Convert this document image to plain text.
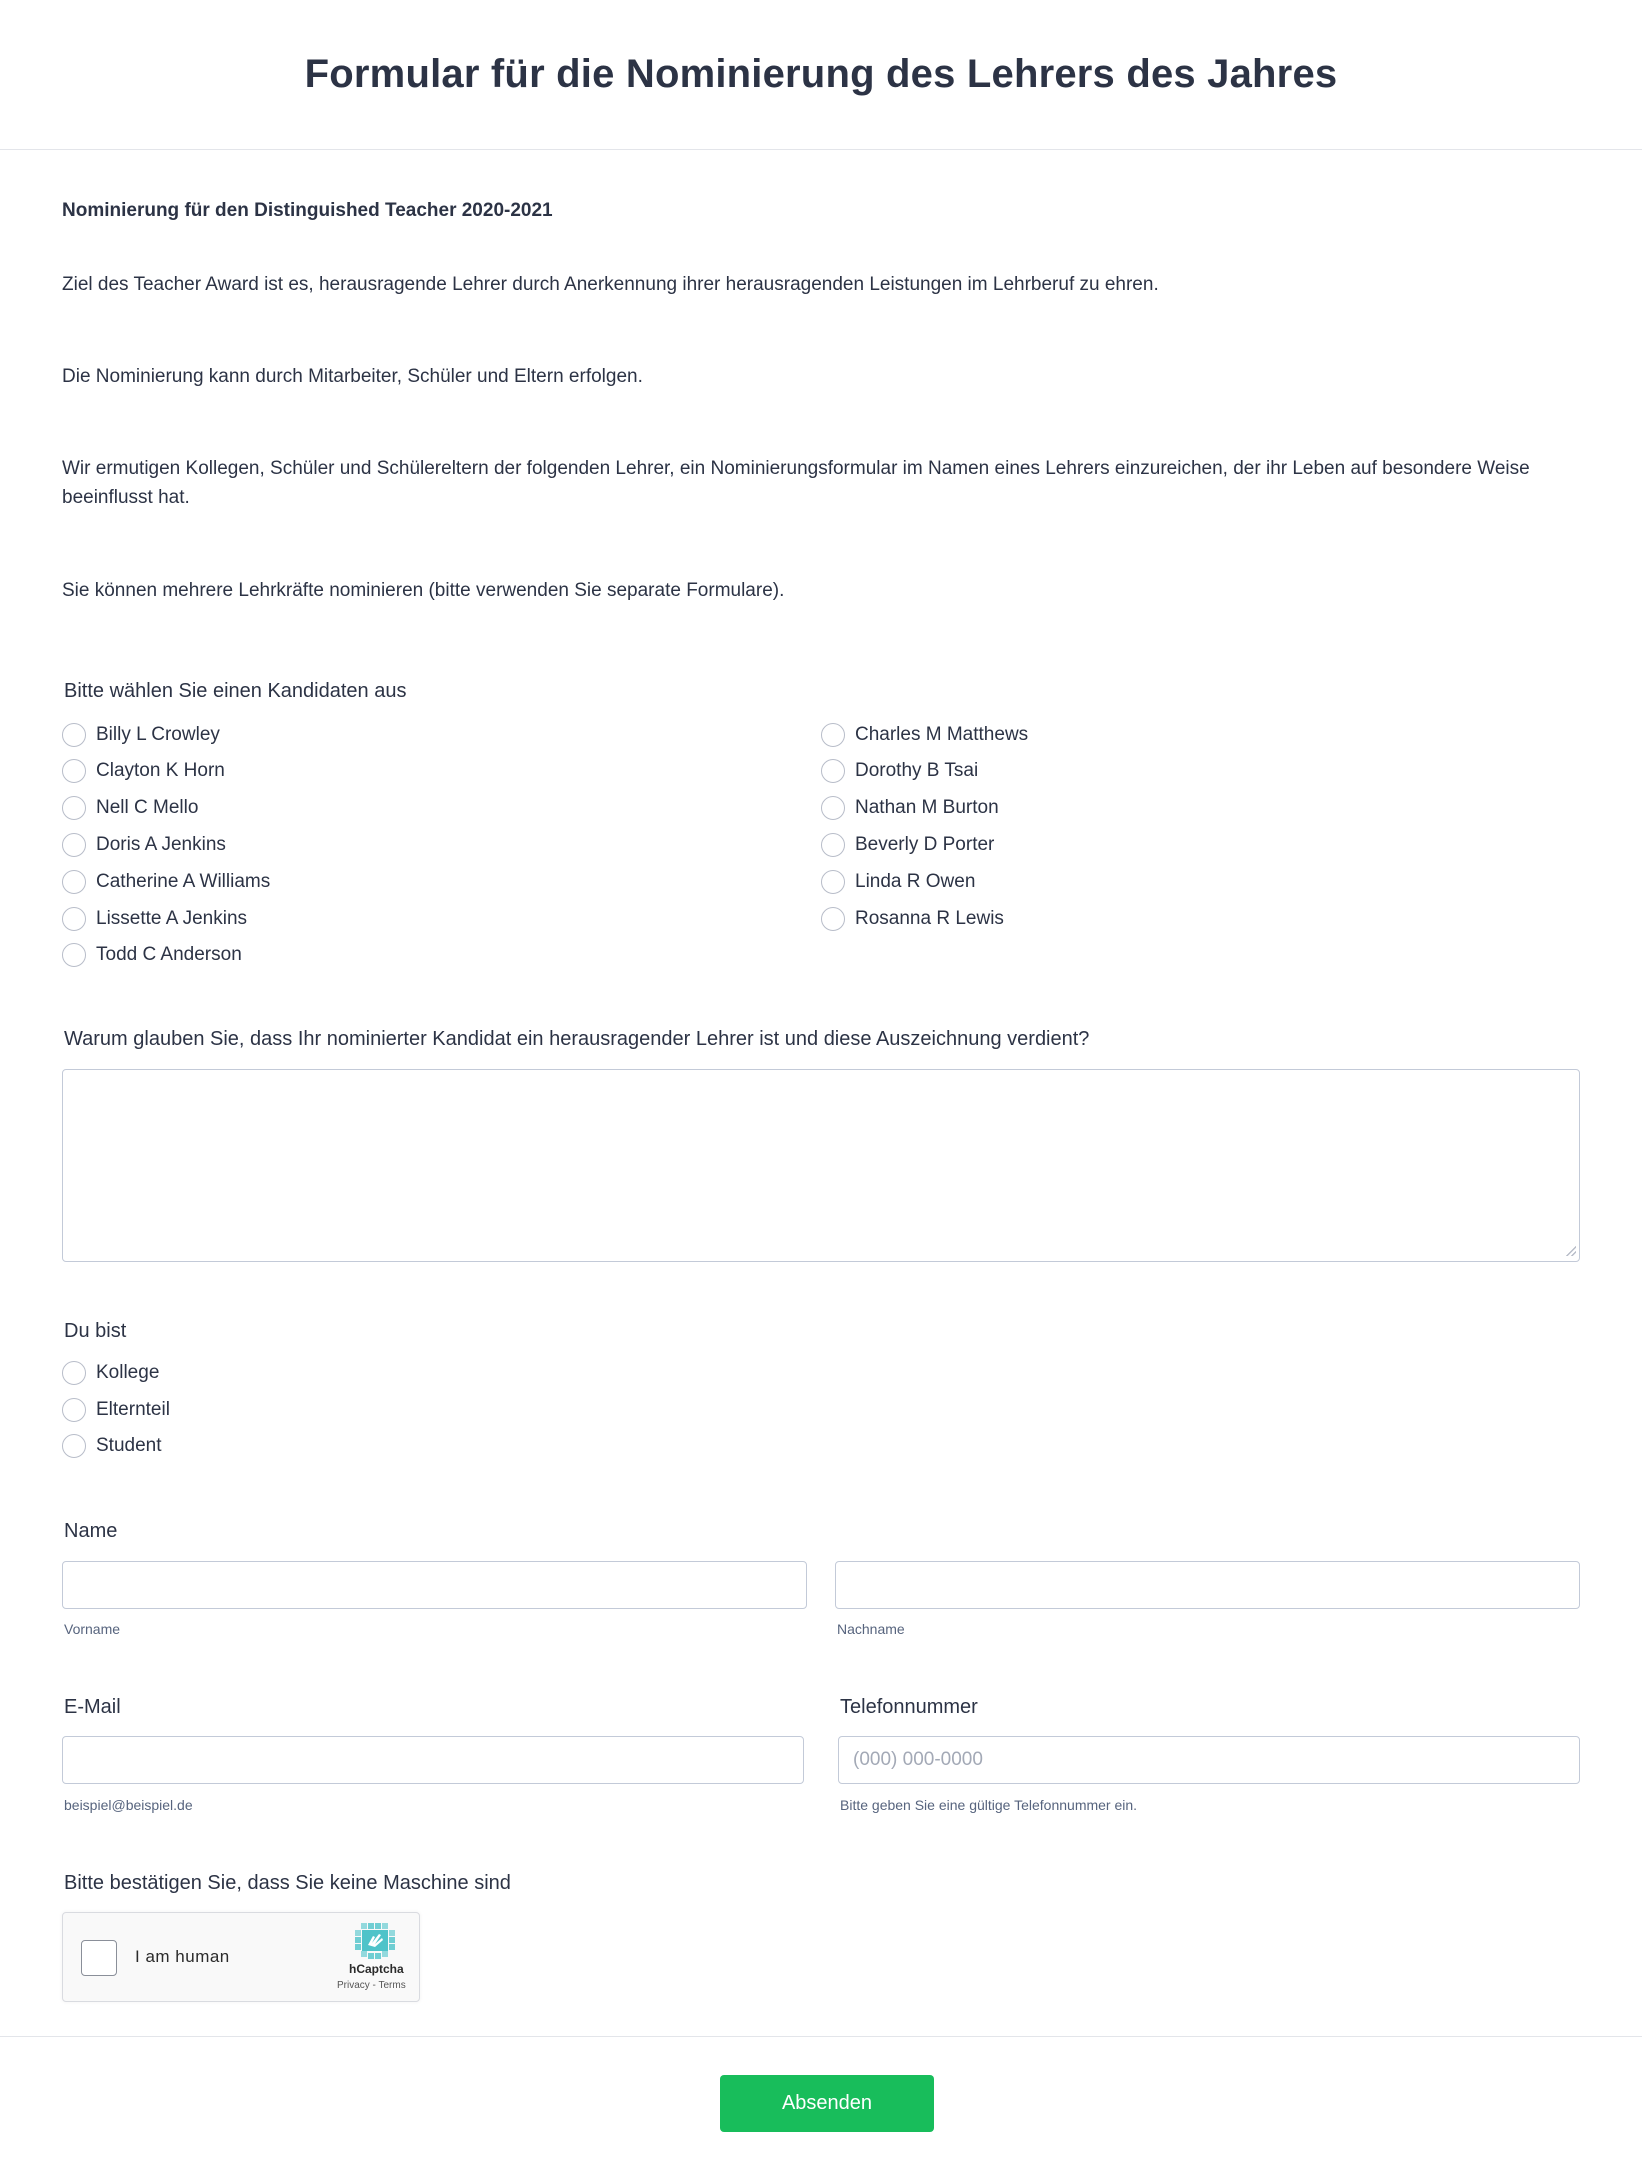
Formular für die Nominierung des Lehrers des Jahres
Nominierung für den Distinguished Teacher 2020-2021
Ziel des Teacher Award ist es, herausragende Lehrer durch Anerkennung ihrer herausragenden Leistungen im Lehrberuf zu ehren.
Die Nominierung kann durch Mitarbeiter, Schüler und Eltern erfolgen.
Wir ermutigen Kollegen, Schüler und Schülereltern der folgenden Lehrer, ein Nominierungsformular im Namen eines Lehrers einzureichen, der ihr Leben auf besondere Weise beeinflusst hat.
Sie können mehrere Lehrkräfte nominieren (bitte verwenden Sie separate Formulare).
Bitte wählen Sie einen Kandidaten aus
Billy L Crowley
Clayton K Horn
Nell C Mello
Doris A Jenkins
Catherine A Williams
Lissette A Jenkins
Todd C Anderson
Charles M Matthews
Dorothy B Tsai
Nathan M Burton
Beverly D Porter
Linda R Owen
Rosanna R Lewis
Warum glauben Sie, dass Ihr nominierter Kandidat ein herausragender Lehrer ist und diese Auszeichnung verdient?
Du bist
Kollege
Elternteil
Student
Name
Vorname	Nachname
E-Mail
beispiel@beispiel.de
Telefonnummer
(000) 000-0000
Bitte geben Sie eine gültige Telefonnummer ein.
Bitte bestätigen Sie, dass Sie keine Maschine sind
I am human
hCaptcha
Privacy - Terms
Absenden
